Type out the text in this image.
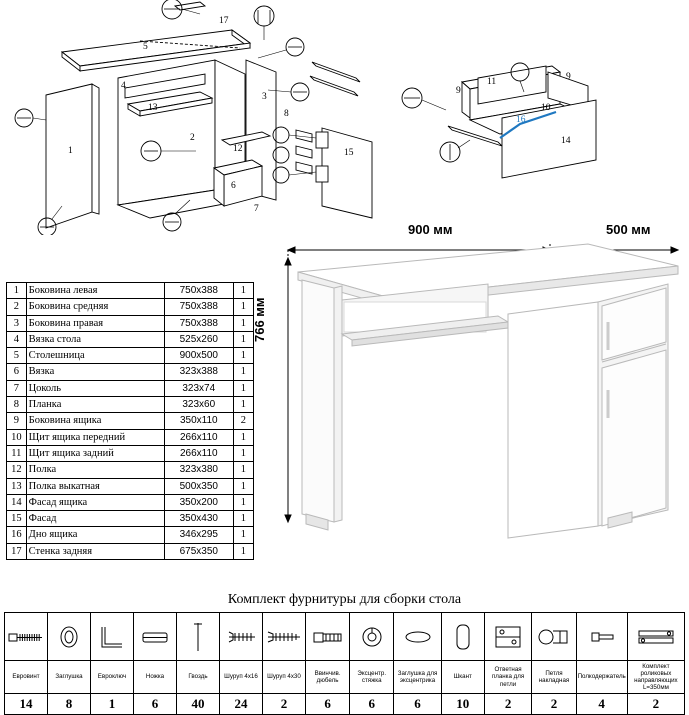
17
5
4
13
3
2
1	12
6
7
15
8
11	9
10
9
16
14
1	Боковина левая	750x388	1
2	Боковина средняя	750x388	1
3	Боковина правая	750x388	1
4	Вязка стола	525x260	1
5	Столешница	900x500	1
6	Вязка	323x388	1
7	Цоколь	323x74	1
8	Планка	323x60	1
9	Боковина ящика	350x110	2
10	Щит ящика передний	266x110	1
11	Щит ящика задний	266x110	1
12	Полка	323x380	1
13	Полка выкатная	500x350	1
14	Фасад ящика	350x200	1
15	Фасад	350x430	1
16	Дно ящика	346x295	1
17	Стенка задняя	675x350	1
900 мм	500 мм
766 мм
Комплект фурнитуры для сборки стола

Евровинт	Заглушка	Евроключ	Ножка	Гвоздь	Шуруп 4x16	Шуруп 4x30	Ввинчив. дюбель	Эксцентр. стяжка	Заглушка для эксцентрика	Шкант	Ответная планка для петли	Петля накладная	Полкодержатель	Комплект роликовых направляющих L=350мм
14	8	1	6	40	24	2	6	6	6	10	2	2	4	2
